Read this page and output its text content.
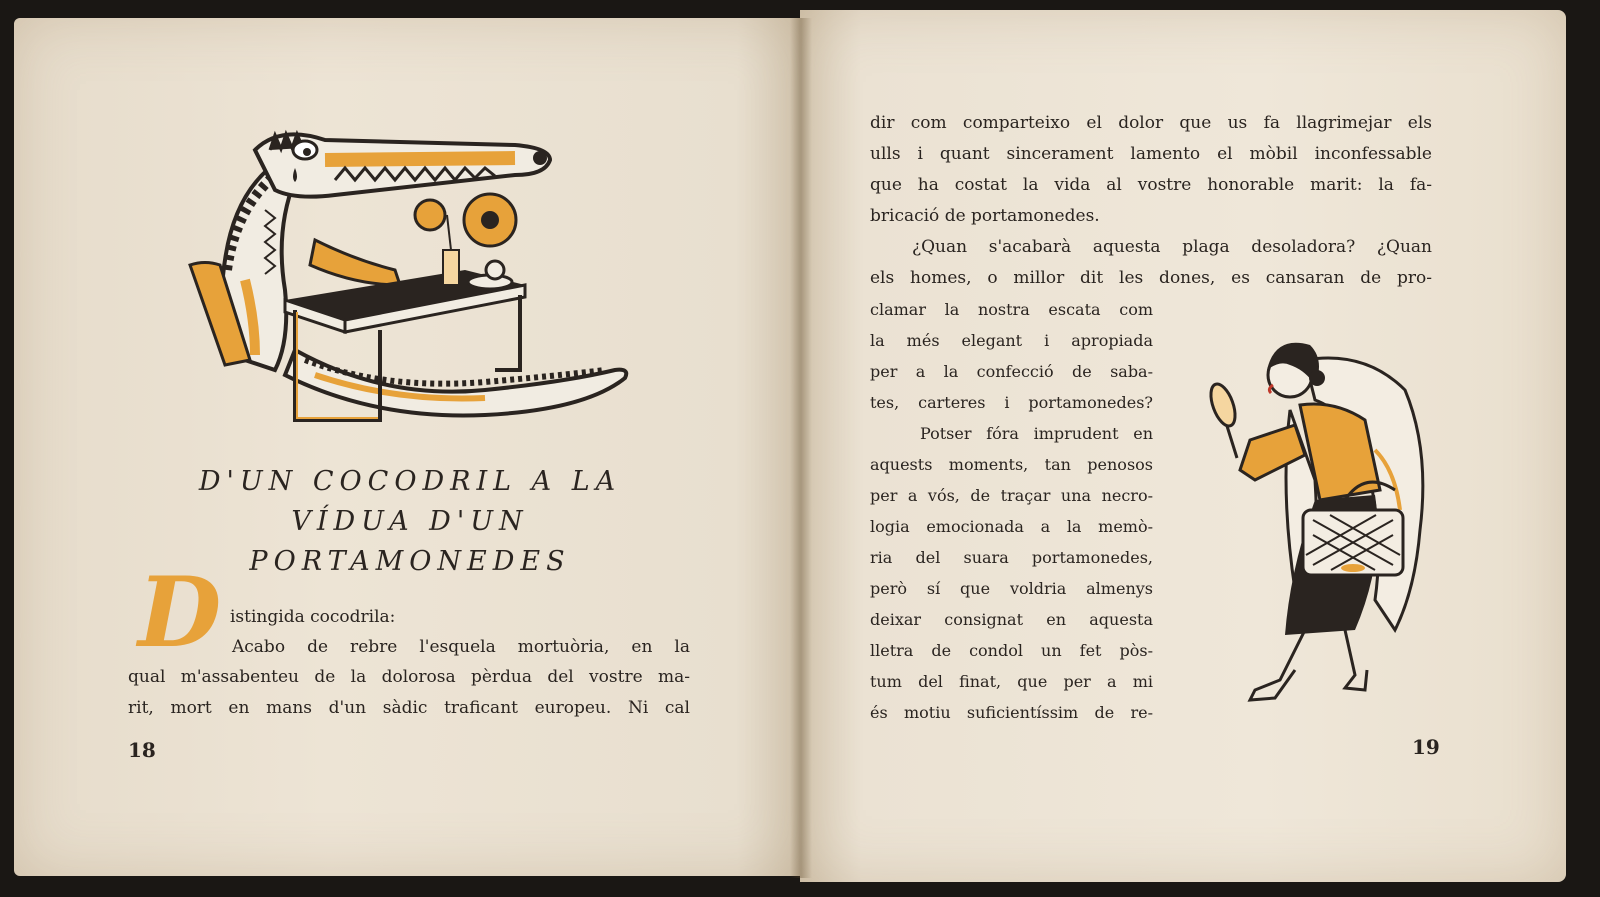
D'UN COCODRIL A LA
VÍDUA D'UN PORTAMONEDES
D istingida cocodrila:
Acabo de rebre l'esquela mortuòria, en la
qual m'assabenteu de la dolorosa pèrdua del vostre ma-
rit, mort en mans d'un sàdic traficant europeu. Ni cal
18
dir com comparteixo el dolor que us fa llagrimejar els
ulls i quant sincerament lamento el mòbil inconfessable
que ha costat la vida al vostre honorable marit: la fa-
bricació de portamonedes.
¿Quan s'acabarà aquesta plaga desoladora? ¿Quan
els homes, o millor dit les dones, es cansaran de pro-
clamar la nostra escata com
la més elegant i apropiada
per a la confecció de saba-
tes, carteres i portamonedes?
Potser fóra imprudent en
aquests moments, tan penosos
per a vós, de traçar una necro-
logia emocionada a la memò-
ria del suara portamonedes,
però sí que voldria almenys
deixar consignat en aquesta
lletra de condol un fet pòs-
tum del finat, que per a mi
és motiu suficientíssim de re-
19
